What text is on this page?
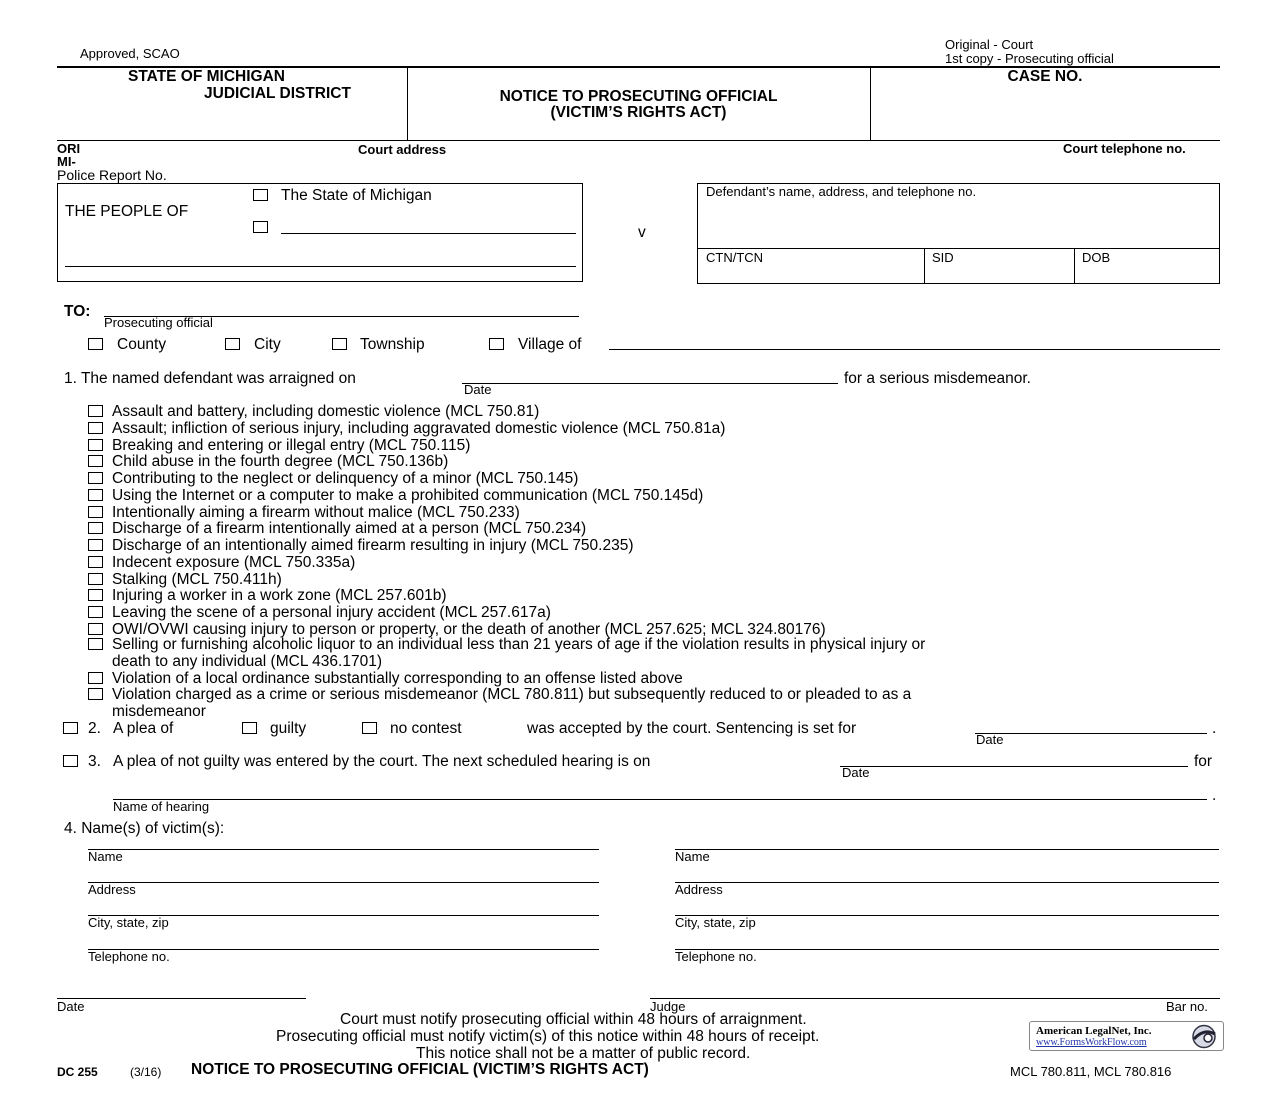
Approved, SCAO
Original - Court
1st copy - Prosecuting official
STATE OF MICHIGAN
JUDICIAL DISTRICT	NOTICE TO PROSECUTING OFFICIAL
(VICTIM’S RIGHTS ACT)
CASE NO.
ORI
MI-
Court address	Court telephone no.
Police Report No.
THE PEOPLE OF
The State of Michigan
v
Defendant’s name, address, and telephone no.
CTN/TCN	SID	DOB
TO:
Prosecuting official
County	City	Township	Village of
1. The named defendant was arraigned on
Date
for a serious misdemeanor.
Assault and battery, including domestic violence (MCL 750.81)
Assault; infliction of serious injury, including aggravated domestic violence (MCL 750.81a)
Breaking and entering or illegal entry (MCL 750.115)
Child abuse in the fourth degree (MCL 750.136b)
Contributing to the neglect or delinquency of a minor (MCL 750.145)
Using the Internet or a computer to make a prohibited communication (MCL 750.145d)
Intentionally aiming a firearm without malice (MCL 750.233)
Discharge of a firearm intentionally aimed at a person (MCL 750.234)
Discharge of an intentionally aimed firearm resulting in injury (MCL 750.235)
Indecent exposure (MCL 750.335a)
Stalking (MCL 750.411h)
Injuring a worker in a work zone (MCL 257.601b)
Leaving the scene of a personal injury accident (MCL 257.617a)
OWI/OVWI causing injury to person or property, or the death of another (MCL 257.625; MCL 324.80176)
Selling or furnishing alcoholic liquor to an individual less than 21 years of age if the violation results in physical injury or
death to any individual (MCL 436.1701)
Violation of a local ordinance substantially corresponding to an offense listed above
Violation charged as a crime or serious misdemeanor (MCL 780.811) but subsequently reduced to or pleaded to as a
misdemeanor
2. A plea of	guilty	no contest	was accepted by the court. Sentencing is set for
Date
.
3. A plea of not guilty was entered by the court. The next scheduled hearing is on
Date
for
Name of hearing
.
4. Name(s) of victim(s):
Name
Address
City, state, zip
Telephone no.
Name
Address
City, state, zip
Telephone no.
Date	Judge	Bar no.
Court must notify prosecuting official within 48 hours of arraignment.
Prosecuting official must notify victim(s) of this notice within 48 hours of receipt.
This notice shall not be a matter of public record.
American LegalNet, Inc.
www.FormsWorkFlow.com
DC 255	(3/16) NOTICE TO PROSECUTING OFFICIAL (VICTIM’S RIGHTS ACT)	MCL 780.811, MCL 780.816
